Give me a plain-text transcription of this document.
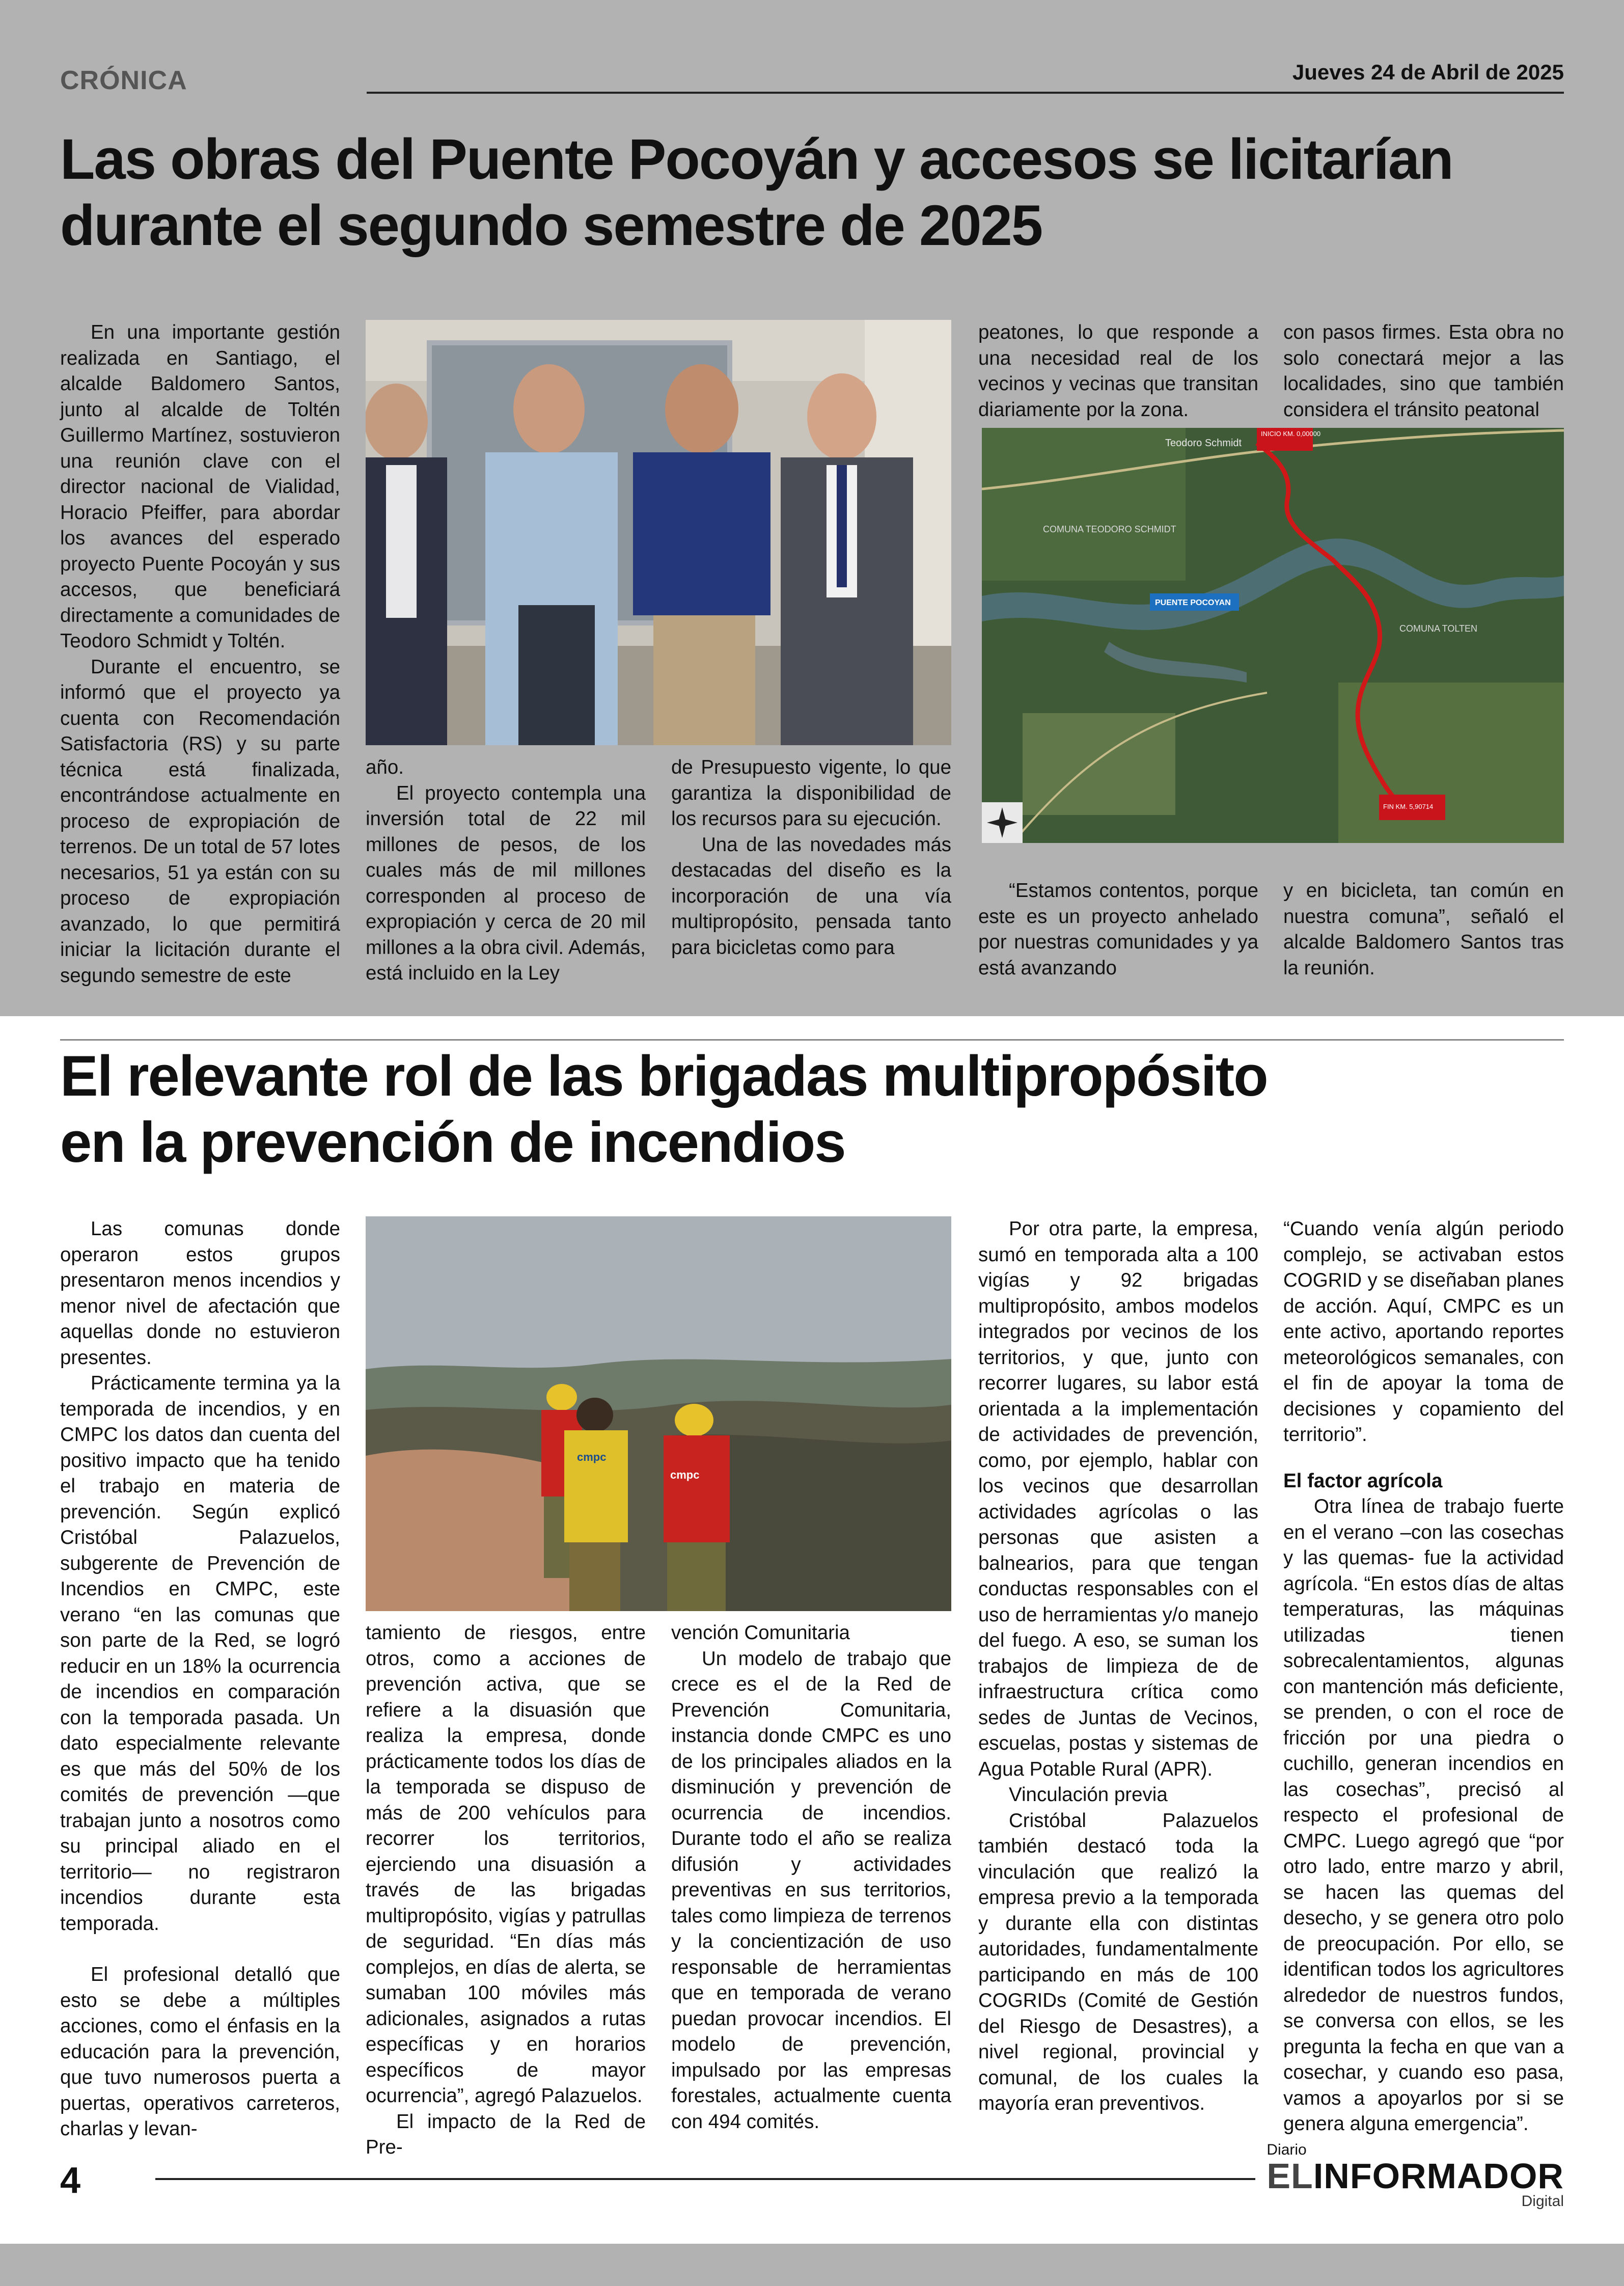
CRÓNICA	Jueves 24 de Abril de 2025
Las obras del Puente Pocoyán y accesos se licitarían
durante el segundo semestre de 2025

En una importante gestión realizada en Santiago, el alcalde Baldomero Santos, junto al alcalde de Toltén Guillermo Martínez, sostuvieron una reunión clave con el director nacional de Vialidad, Horacio Pfeiffer, para abordar los avances del esperado proyecto Puente Pocoyán y sus accesos, que beneficiará directamente a comunidades de Teodoro Schmidt y Toltén.

Durante el encuentro, se informó que el proyecto ya cuenta con Recomendación Satisfactoria (RS) y su parte técnica está finalizada, encontrándose actualmente en proceso de expropiación de terrenos. De un total de 57 lotes necesarios, 51 ya están con su proceso de expropiación avanzado, lo que permitirá iniciar la licitación durante el segundo semestre de este

año.

El proyecto contempla una inversión total de 22 mil millones de pesos, de los cuales más de mil millones corresponden al proceso de expropiación y cerca de 20 mil millones a la obra civil. Además, está incluido en la Ley

de Presupuesto vigente, lo que garantiza la disponibilidad de los recursos para su ejecución.

Una de las novedades más destacadas del diseño es la incorporación de una vía multipropósito, pensada tanto para bicicletas como para

peatones, lo que responde a una necesidad real de los vecinos y vecinas que transitan diariamente por la zona.

con pasos firmes. Esta obra no solo conectará mejor a las localidades, sino que también considera el tránsito peatonal

INICIO KM. 0,00000
FIN KM. 5,90714
Teodoro Schmidt
COMUNA TEODORO SCHMIDT
PUENTE POCOYAN
COMUNA TOLTEN

“Estamos contentos, porque este es un proyecto anhelado por nuestras comunidades y ya está avanzando

y en bicicleta, tan común en nuestra comuna”, señaló el alcalde Baldomero Santos tras la reunión.

El relevante rol de las brigadas multipropósito
en la prevención de incendios

Las comunas donde operaron estos grupos presentaron menos incendios y menor nivel de afectación que aquellas donde no estuvieron presentes.

Prácticamente termina ya la temporada de incendios, y en CMPC los datos dan cuenta del positivo impacto que ha tenido el trabajo en materia de prevención. Según explicó Cristóbal Palazuelos, subgerente de Prevención de Incendios en CMPC, este verano “en las comunas que son parte de la Red, se logró reducir en un 18% la ocurrencia de incendios en comparación con la temporada pasada. Un dato especialmente relevante es que más del 50% de los comités de prevención —que trabajan junto a nosotros como su principal aliado en el territorio— no registraron incendios durante esta temporada.

El profesional detalló que esto se debe a múltiples acciones, como el énfasis en la educación para la prevención, que tuvo numerosos puerta a puertas, operativos carreteros, charlas y levan-

cmpc
cmpc

tamiento de riesgos, entre otros, como a acciones de prevención activa, que se refiere a la disuasión que realiza la empresa, donde prácticamente todos los días de la temporada se dispuso de más de 200 vehículos para recorrer los territorios, ejerciendo una disuasión a través de las brigadas multipropósito, vigías y patrullas de seguridad. “En días más complejos, en días de alerta, se sumaban 100 móviles más adicionales, asignados a rutas específicas y en horarios específicos de mayor ocurrencia”, agregó Palazuelos.

El impacto de la Red de Pre-

vención Comunitaria

Un modelo de trabajo que crece es el de la Red de Prevención Comunitaria, instancia donde CMPC es uno de los principales aliados en la disminución y prevención de ocurrencia de incendios. Durante todo el año se realiza difusión y actividades preventivas en sus territorios, tales como limpieza de terrenos y la concientización de uso responsable de herramientas que en temporada de verano puedan provocar incendios. El modelo de prevención, impulsado por las empresas forestales, actualmente cuenta con 494 comités.

Por otra parte, la empresa, sumó en temporada alta a 100 vigías y 92 brigadas multipropósito, ambos modelos integrados por vecinos de los territorios, y que, junto con recorrer lugares, su labor está orientada a la implementación de actividades de prevención, como, por ejemplo, hablar con los vecinos que desarrollan actividades agrícolas o las personas que asisten a balnearios, para que tengan conductas responsables con el uso de herramientas y/o manejo del fuego. A eso, se suman los trabajos de limpieza de de infraestructura crítica como sedes de Juntas de Vecinos, escuelas, postas y sistemas de Agua Potable Rural (APR).

Vinculación previa

Cristóbal Palazuelos también destacó toda la vinculación que realizó la empresa previo a la temporada y durante ella con distintas autoridades, fundamentalmente participando en más de 100 COGRIDs (Comité de Gestión del Riesgo de Desastres), a nivel regional, provincial y comunal, de los cuales la mayoría eran preventivos.

“Cuando venía algún periodo complejo, se activaban estos COGRID y se diseñaban planes de acción. Aquí, CMPC es un ente activo, aportando reportes meteorológicos semanales, con el fin de apoyar la toma de decisiones y copamiento del territorio”.

El factor agrícola

Otra línea de trabajo fuerte en el verano –con las cosechas y las quemas- fue la actividad agrícola. “En estos días de altas temperaturas, las máquinas utilizadas tienen sobrecalentamientos, algunas con mantención más deficiente, se prenden, o con el roce de fricción por una piedra o cuchillo, generan incendios en las cosechas”, precisó al respecto el profesional de CMPC. Luego agregó que “por otro lado, entre marzo y abril, se hacen las quemas del desecho, y se genera otro polo de preocupación. Por ello, se identifican todos los agricultores alrededor de nuestros fundos, se conversa con ellos, se les pregunta la fecha en que van a cosechar, y cuando eso pasa, vamos a apoyarlos por si se genera alguna emergencia”.

4
Diario
ELINFORMADOR
Digital
